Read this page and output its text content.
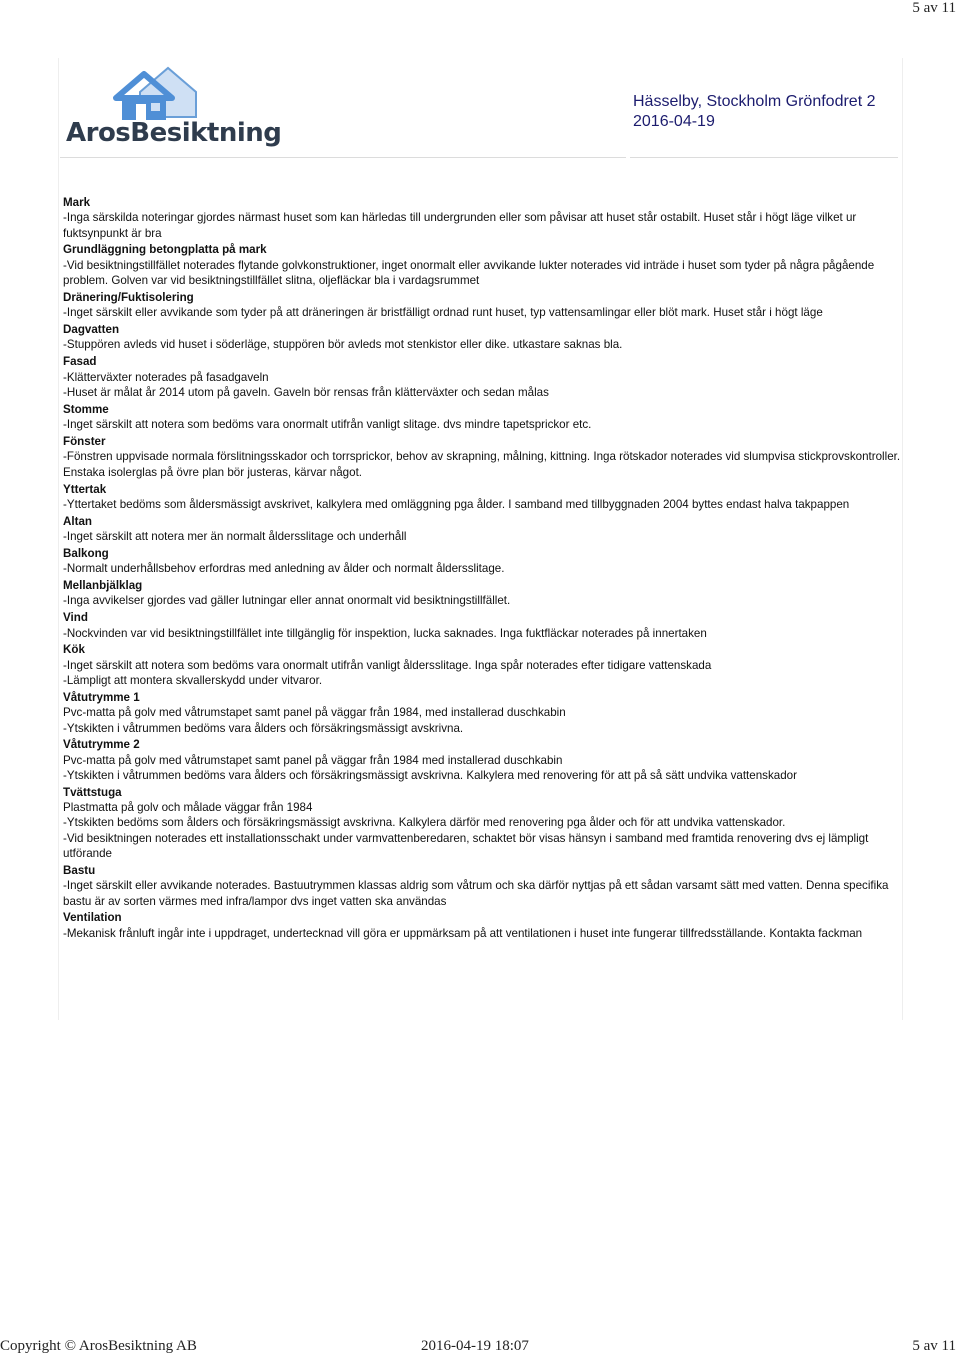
5 av 11
ArosBesiktning
Hässelby, Stockholm Grönfodret 2
2016-04-19
Mark
-Inga särskilda noteringar gjordes närmast huset som kan härledas till undergrunden eller som påvisar att huset står ostabilt. Huset står i högt läge vilket ur fuktsynpunkt är bra
Grundläggning betongplatta på mark
-Vid besiktningstillfället noterades flytande golvkonstruktioner, inget onormalt eller avvikande lukter noterades vid inträde i huset som tyder på några pågående problem. Golven var vid besiktningstillfället slitna, oljefläckar bla i vardagsrummet
Dränering/Fuktisolering
-Inget särskilt eller avvikande som tyder på att dräneringen är bristfälligt ordnad runt huset, typ vattensamlingar eller blöt mark. Huset står i högt läge
Dagvatten
-Stupрören avleds vid huset i söderläge, stupрören bör avleds mot stenkistor eller dike. utkastare saknas bla.
Fasad
-Klätterväxter noterades på fasadgaveln
-Huset är målat år 2014 utom på gaveln. Gaveln bör rensas från klätterväxter och sedan målas
Stomme
-Inget särskilt att notera som bedöms vara onormalt utifrån vanligt slitage. dvs mindre tapetsprickor etc.
Fönster
-Fönstren uppvisade normala förslitningsskador och torrsprickor, behov av skrapning, målning, kittning. Inga rötskador noterades vid slumpvisa stickprovskontroller. Enstaka isolerglas på övre plan bör justeras, kärvar något.
Yttertak
-Yttertaket bedöms som åldersmässigt avskrivet, kalkylera med omläggning pga ålder. I samband med tillbyggnaden 2004 byttes endast halva takpappen
Altan
-Inget särskilt att notera mer än normalt åldersslitage och underhåll
Balkong
-Normalt underhållsbehov erfordras med anledning av ålder och normalt åldersslitage.
Mellanbjälklag
-Inga avvikelser gjordes vad gäller lutningar eller annat onormalt vid besiktningstillfället.
Vind
-Nockvinden var vid besiktningstillfället inte tillgänglig för inspektion, lucka saknades. Inga fuktfläckar noterades på innertaken
Kök
-Inget särskilt att notera som bedöms vara onormalt utifrån vanligt åldersslitage. Inga spår noterades efter tidigare vattenskada
-Lämpligt att montera skvallerskydd under vitvaror.
Våtutrymme 1
Pvc-matta på golv med våtrumstapet samt panel på väggar från 1984, med installerad duschkabin
-Ytskikten i våtrummen bedöms vara ålders och försäkringsmässigt avskrivna.
Våtutrymme 2
Pvc-matta på golv med våtrumstapet samt panel på väggar från 1984 med installerad duschkabin
-Ytskikten i våtrummen bedöms vara ålders och försäkringsmässigt avskrivna. Kalkylera med renovering för att på så sätt undvika vattenskador
Tvättstuga
Plastmatta på golv och målade väggar från 1984
-Ytskikten bedöms som ålders och försäkringsmässigt avskrivna. Kalkylera därför med renovering pga ålder och för att undvika vattenskador.
-Vid besiktningen noterades ett installationsschakt under varmvattenberedaren, schaktet bör visas hänsyn i samband med framtida renovering dvs ej lämpligt utförande
Bastu
-Inget särskilt eller avvikande noterades. Bastuutrymmen klassas aldrig som våtrum och ska därför nyttjas på ett sådan varsamt sätt med vatten. Denna specifika bastu är av sorten värmes med infra/lampor dvs inget vatten ska användas
Ventilation
-Mekanisk frånluft ingår inte i uppdraget, undertecknad vill göra er uppmärksam på att ventilationen i huset inte fungerar tillfredsställande. Kontakta fackman
Copyright © ArosBesiktning AB	2016-04-19 18:07	5 av 11
